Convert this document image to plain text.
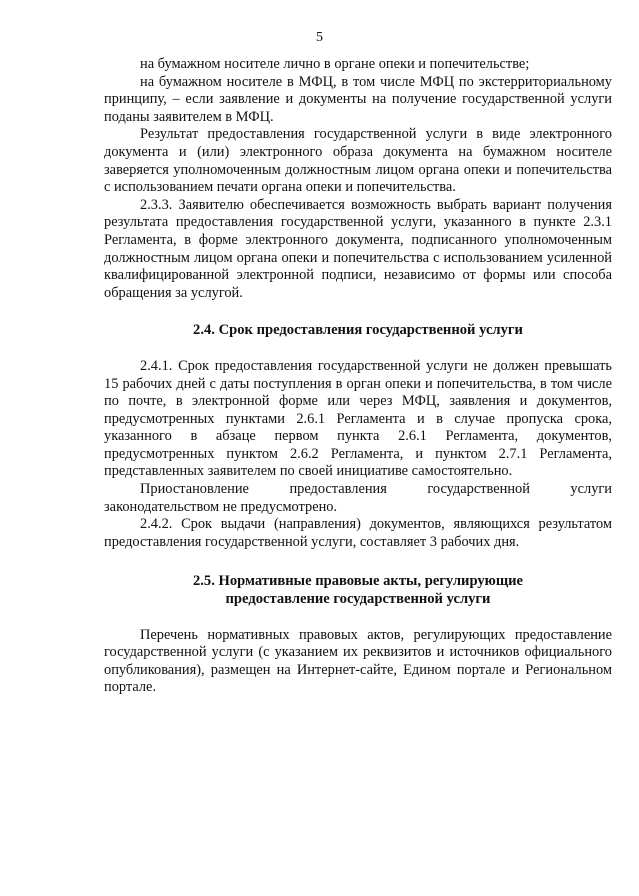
5

на бумажном носителе лично в органе опеки и попечительстве;

на бумажном носителе в МФЦ, в том числе МФЦ по экстерриториальному принципу, – если заявление и документы на получение государственной услуги поданы заявителем в МФЦ.

Результат предоставления государственной услуги в виде электронного документа и (или) электронного образа документа на бумажном носителе заверяется уполномоченным должностным лицом органа опеки и попечительства с использованием печати органа опеки и попечительства.

2.3.3. Заявителю обеспечивается возможность выбрать вариант получения результата предоставления государственной услуги, указанного в пункте 2.3.1 Регламента, в форме электронного документа, подписанного уполномоченным должностным лицом органа опеки и попечительства с использованием усиленной квалифицированной электронной подписи, независимо от формы или способа обращения за услугой.

2.4. Срок предоставления государственной услуги

2.4.1. Срок предоставления государственной услуги не должен превышать 15 рабочих дней с даты поступления в орган опеки и попечительства, в том числе по почте, в электронной форме или через МФЦ, заявления и документов, предусмотренных пунктами 2.6.1 Регламента и в случае пропуска срока, указанного в абзаце первом пункта 2.6.1 Регламента, документов, предусмотренных пунктом 2.6.2 Регламента, и пунктом 2.7.1 Регламента, представленных заявителем по своей инициативе самостоятельно.

Приостановление предоставления государственной услуги законодательством не предусмотрено.

2.4.2. Срок выдачи (направления) документов, являющихся результатом предоставления государственной услуги, составляет 3 рабочих дня.

2.5. Нормативные правовые акты, регулирующие
предоставление государственной услуги

Перечень нормативных правовых актов, регулирующих предоставление государственной услуги (с указанием их реквизитов и источников официального опубликования), размещен на Интернет-сайте, Едином портале и Региональном портале.
